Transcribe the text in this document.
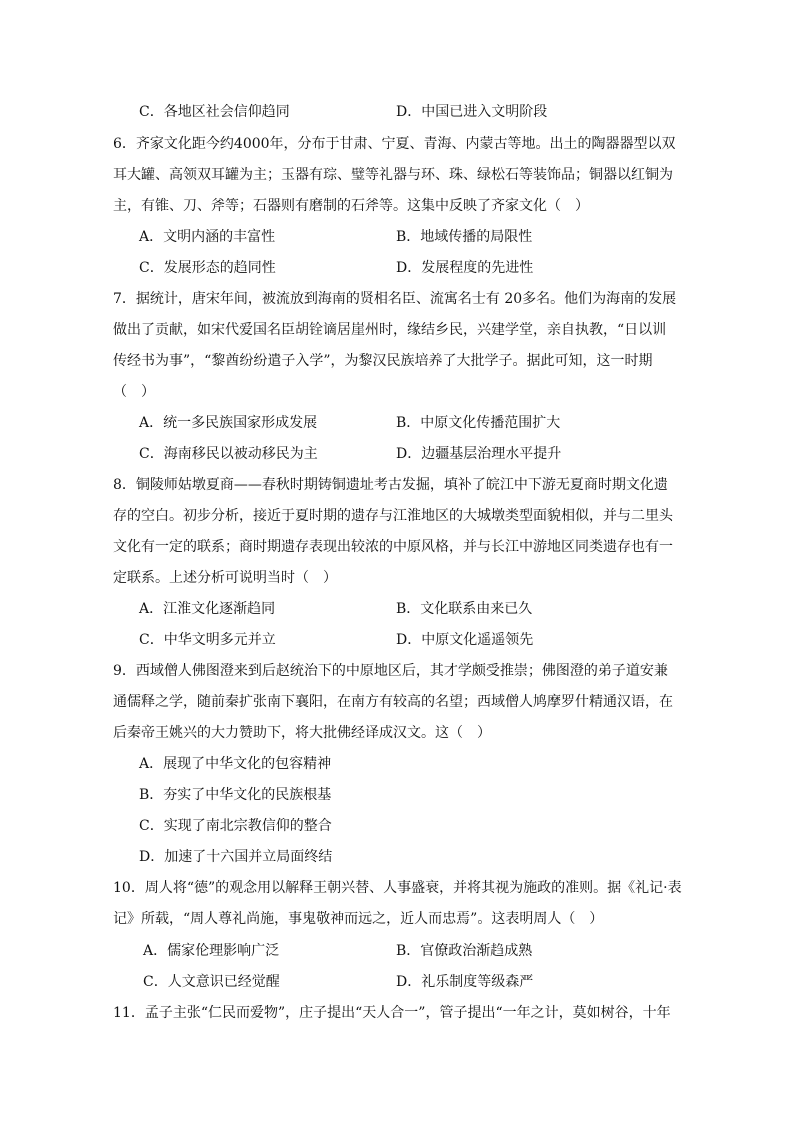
C．各地区社会信仰趋同	D．中国已进入文明阶段
6．齐家文化距今约4000年，分布于甘肃、宁夏、青海、内蒙古等地。出土的陶器器型以双
耳大罐、高领双耳罐为主；玉器有琮、璧等礼器与环、珠、绿松石等装饰品；铜器以红铜为
主，有锥、刀、斧等；石器则有磨制的石斧等。这集中反映了齐家文化（　）
A．文明内涵的丰富性	B．地域传播的局限性
C．发展形态的趋同性	D．发展程度的先进性
7．据统计，唐宋年间，被流放到海南的贤相名臣、流寓名士有 20多名。他们为海南的发展
做出了贡献，如宋代爱国名臣胡铨谪居崖州时，缘结乡民，兴建学堂，亲自执教，“日以训
传经书为事”，“黎酋纷纷遣子入学”，为黎汉民族培养了大批学子。据此可知，这一时期
（　）
A．统一多民族国家形成发展	B．中原文化传播范围扩大
C．海南移民以被动移民为主	D．边疆基层治理水平提升
8．铜陵师姑墩夏商——春秋时期铸铜遗址考古发掘，填补了皖江中下游无夏商时期文化遗
存的空白。初步分析，接近于夏时期的遗存与江淮地区的大城墩类型面貌相似，并与二里头
文化有一定的联系；商时期遗存表现出较浓的中原风格，并与长江中游地区同类遗存也有一
定联系。上述分析可说明当时（　）
A．江淮文化逐渐趋同	B．文化联系由来已久
C．中华文明多元并立	D．中原文化遥遥领先
9．西域僧人佛图澄来到后赵统治下的中原地区后，其才学颇受推崇；佛图澄的弟子道安兼
通儒释之学，随前秦扩张南下襄阳，在南方有较高的名望；西域僧人鸠摩罗什精通汉语，在
后秦帝王姚兴的大力赞助下，将大批佛经译成汉文。这（　）
A．展现了中华文化的包容精神
B．夯实了中华文化的民族根基
C．实现了南北宗教信仰的整合
D．加速了十六国并立局面终结
10．周人将“德”的观念用以解释王朝兴替、人事盛衰，并将其视为施政的准则。据《礼记·表
记》所载，“周人尊礼尚施，事鬼敬神而远之，近人而忠焉”。这表明周人（　）
A．儒家伦理影响广泛	B．官僚政治渐趋成熟
C．人文意识已经觉醒	D．礼乐制度等级森严
11．孟子主张“仁民而爱物”，庄子提出“天人合一”，管子提出“一年之计，莫如树谷，十年
